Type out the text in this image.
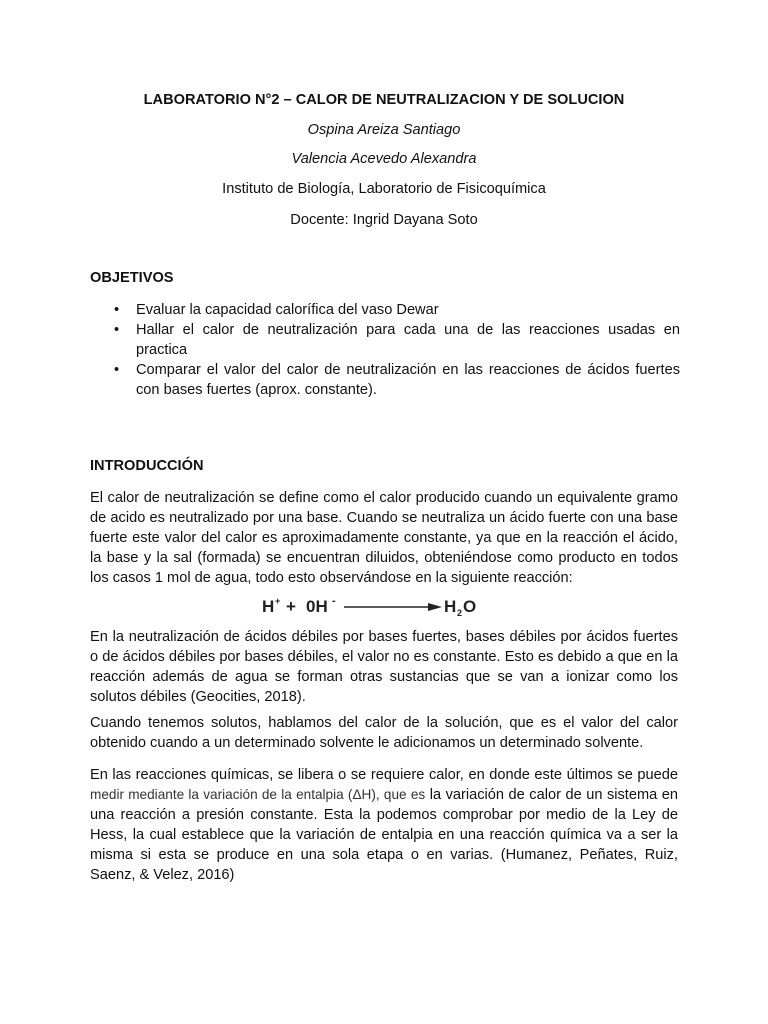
LABORATORIO N°2 – CALOR DE NEUTRALIZACION Y DE SOLUCION
Ospina Areiza Santiago
Valencia Acevedo Alexandra
Instituto de Biología, Laboratorio de Fisicoquímica
Docente: Ingrid Dayana Soto
OBJETIVOS
• Evaluar la capacidad calorífica del vaso Dewar
• Hallar el calor de neutralización para cada una de las reacciones usadas en practica
• Comparar el valor del calor de neutralización en las reacciones de ácidos fuertes con bases fuertes (aprox. constante).
INTRODUCCIÓN

El calor de neutralización se define como el calor producido cuando un equivalente gramo de acido es neutralizado por una base. Cuando se neutraliza un ácido fuerte con una base fuerte este valor del calor es aproximadamente constante, ya que en la reacción el ácido, la base y la sal (formada) se encuentran diluidos, obteniéndose como producto en todos los casos 1 mol de agua, todo esto observándose en la siguiente reacción:

H + + 0H -	H 2 O

En la neutralización de ácidos débiles por bases fuertes, bases débiles por ácidos fuertes o de ácidos débiles por bases débiles, el valor no es constante. Esto es debido a que en la reacción además de agua se forman otras sustancias que se van a ionizar como los solutos débiles (Geocities, 2018).

Cuando tenemos solutos, hablamos del calor de la solución, que es el valor del calor obtenido cuando a un determinado solvente le adicionamos un determinado solvente.

En las reacciones químicas, se libera o se requiere calor, en donde este últimos se puede medir mediante la variación de la entalpia (ΔH), que es la variación de calor de un sistema en una reacción a presión constante. Esta la podemos comprobar por medio de la Ley de Hess, la cual establece que la variación de entalpia en una reacción química va a ser la misma si esta se produce en una sola etapa o en varias. (Humanez, Peñates, Ruiz, Saenz, & Velez, 2016)
